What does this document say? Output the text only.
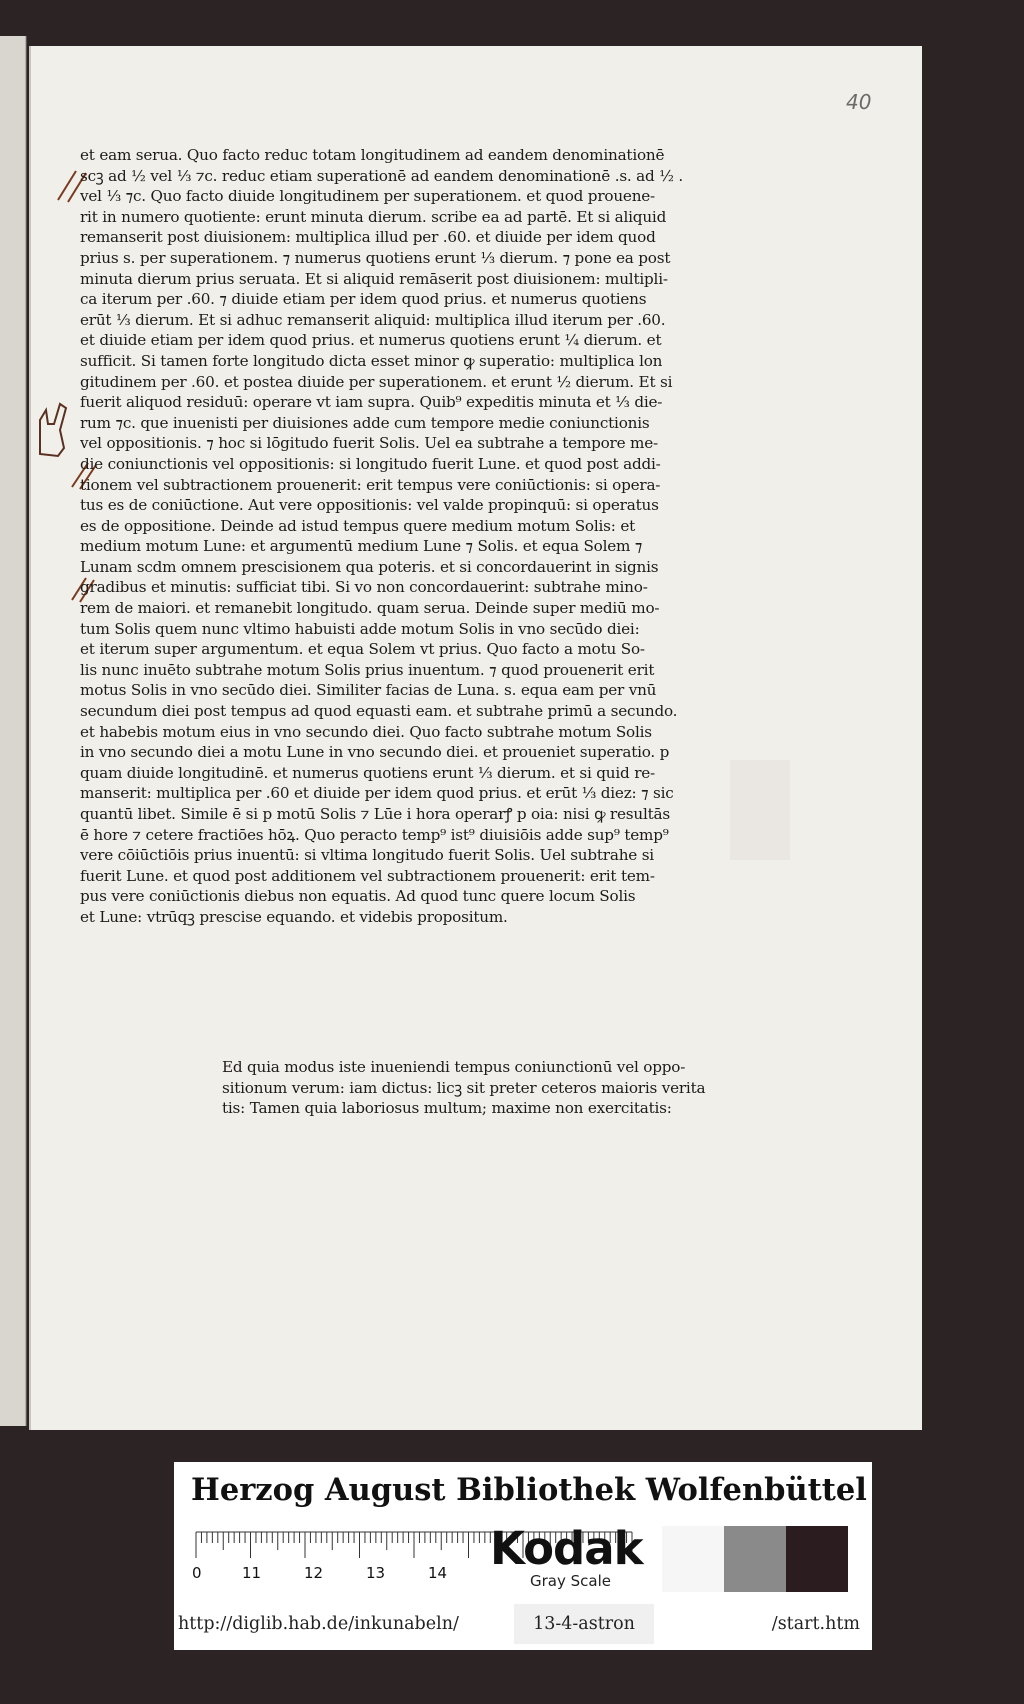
40
et eam serua. Quo facto reduc totam longitudinem ad eandem denominationē
scꝫ ad ½ vel ⅓ ⁊c. reduc etiam superationē ad eandem denominationē .s. ad ½ .
vel ⅓ ⁊c. Quo facto diuide longitudinem per superationem. et quod prouene-
rit in numero quotiente: erunt minuta dierum. scribe ea ad partē. Et si aliquid
remanserit post diuisionem: multiplica illud per .60. et diuide per idem quod
prius s. per superationem. ⁊ numerus quotiens erunt ⅓ dierum. ⁊ pone ea post
minuta dierum prius seruata. Et si aliquid remāserit post diuisionem: multipli-
ca iterum per .60. ⁊ diuide etiam per idem quod prius. et numerus quotiens
erūt ⅓ dierum. Et si adhuc remanserit aliquid: multiplica illud iterum per .60.
et diuide etiam per idem quod prius. et numerus quotiens erunt ¼ dierum. et
sufficit. Si tamen forte longitudo dicta esset minor ꝙ superatio: multiplica lon
gitudinem per .60. et postea diuide per superationem. et erunt ½ dierum. Et si
fuerit aliquod residuū: operare vt iam supra. Quib⁹ expeditis minuta et ⅓ die-
rum ⁊c. que inuenisti per diuisiones adde cum tempore medie coniunctionis
vel oppositionis. ⁊ hoc si lōgitudo fuerit Solis. Uel ea subtrahe a tempore me-
die coniunctionis vel oppositionis: si longitudo fuerit Lune. et quod post addi-
tionem vel subtractionem prouenerit: erit tempus vere coniūctionis: si opera-
tus es de coniūctione. Aut vere oppositionis: vel valde propinquū: si operatus
es de oppositione. Deinde ad istud tempus quere medium motum Solis: et
medium motum Lune: et argumentū medium Lune ⁊ Solis. et equa Solem ⁊
Lunam scdm omnem prescisionem qua poteris. et si concordauerint in signis
gradibus et minutis: sufficiat tibi. Si vo non concordauerint: subtrahe mino-
rem de maiori. et remanebit longitudo. quam serua. Deinde super mediū mo-
tum Solis quem nunc vltimo habuisti adde motum Solis in vno secūdo diei:
et iterum super argumentum. et equa Solem vt prius. Quo facto a motu So-
lis nunc inuēto subtrahe motum Solis prius inuentum. ⁊ quod prouenerit erit
motus Solis in vno secūdo diei. Similiter facias de Luna. s. equa eam per vnū
secundum diei post tempus ad quod equasti eam. et subtrahe primū a secundo.
et habebis motum eius in vno secundo diei. Quo facto subtrahe motum Solis
in vno secundo diei a motu Lune in vno secundo diei. et proueniet superatio. p
quam diuide longitudinē. et numerus quotiens erunt ⅓ dierum. et si quid re-
manserit: multiplica per .60 et diuide per idem quod prius. et erūt ⅓ diez: ⁊ sic
quantū libet. Simile ē si p motū Solis ⁊ Lūe i hora operarꝭ p oia: nisi ꝙ resultās
ē hore ⁊ cetere fractiōes hōꝝ. Quo peracto temp⁹ ist⁹ diuisiōis adde sup⁹ temp⁹
vere cōiūctiōis prius inuentū: si vltima longitudo fuerit Solis. Uel subtrahe si
fuerit Lune. et quod post additionem vel subtractionem prouenerit: erit tem-
pus vere coniūctionis diebus non equatis. Ad quod tunc quere locum Solis
et Lune: vtrūqꝫ prescise equando. et videbis propositum.
Ed quia modus iste inueniendi tempus coniunctionū vel oppo-
sitionum verum: iam dictus: licꝫ sit preter ceteros maioris verita
tis: Tamen quia laboriosus multum; maxime non exercitatis:
Herzog August Bibliothek Wolfenbüttel
0	11	12	13	14 Kodak
Gray Scale
http://diglib.hab.de/inkunabeln/	13-4-astron	/start.htm
